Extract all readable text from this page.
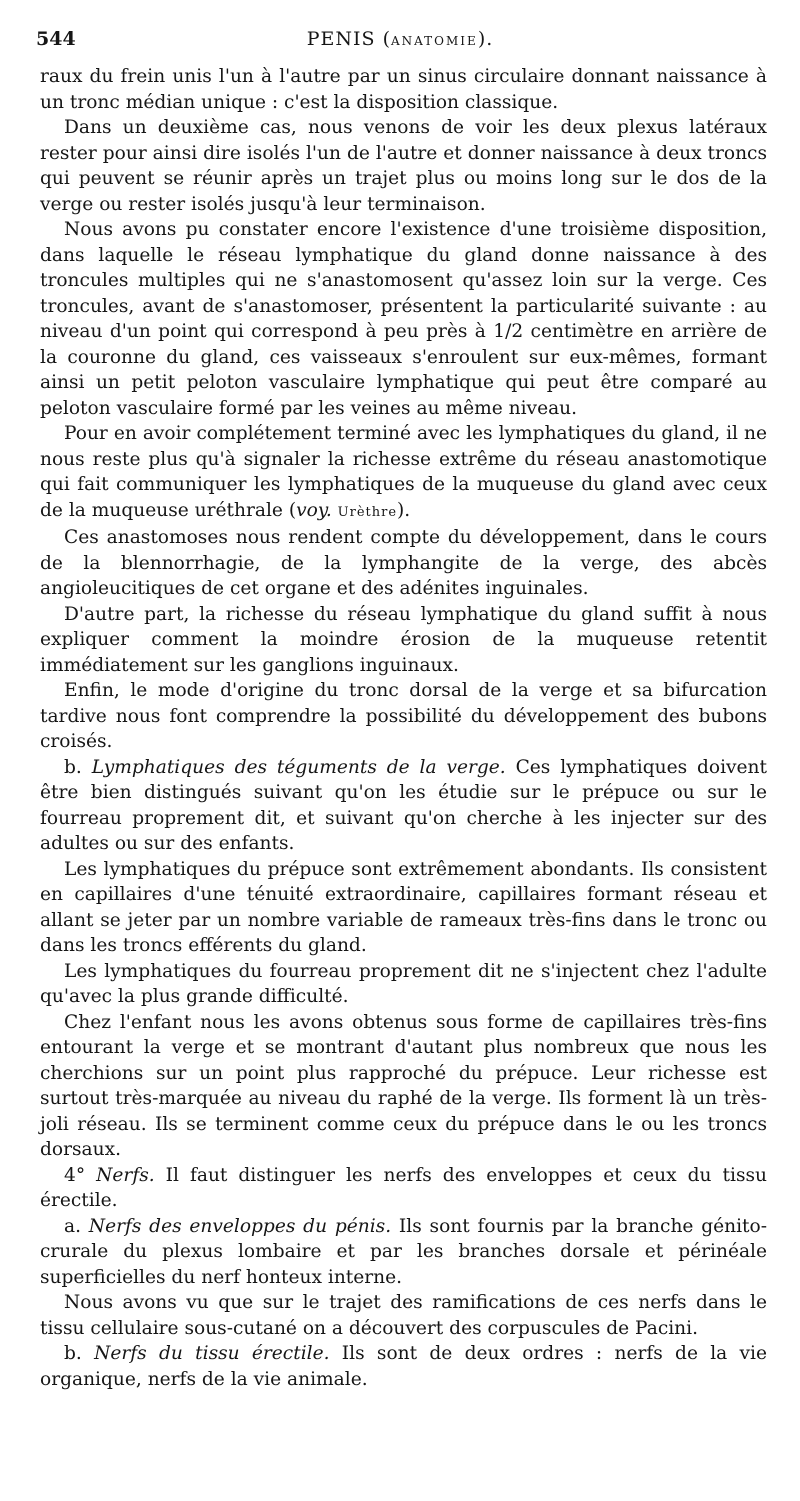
544	PENIS (ANATOMIE).

raux du frein unis l'un à l'autre par un sinus circulaire donnant naissance à un tronc médian unique : c'est la disposition classique.

Dans un deuxième cas, nous venons de voir les deux plexus latéraux rester pour ainsi dire isolés l'un de l'autre et donner naissance à deux troncs qui peuvent se réunir après un trajet plus ou moins long sur le dos de la verge ou rester isolés jusqu'à leur terminaison.

Nous avons pu constater encore l'existence d'une troisième disposition, dans laquelle le réseau lymphatique du gland donne naissance à des troncules multiples qui ne s'anastomosent qu'assez loin sur la verge. Ces troncules, avant de s'anastomoser, présentent la particularité suivante : au niveau d'un point qui correspond à peu près à 1/2 centimètre en arrière de la couronne du gland, ces vaisseaux s'enroulent sur eux-mêmes, formant ainsi un petit peloton vasculaire lymphatique qui peut être comparé au peloton vasculaire formé par les veines au même niveau.

Pour en avoir complétement terminé avec les lymphatiques du gland, il ne nous reste plus qu'à signaler la richesse extrême du réseau anastomotique qui fait communiquer les lymphatiques de la muqueuse du gland avec ceux de la muqueuse uréthrale (voy. Urèthre).

Ces anastomoses nous rendent compte du développement, dans le cours de la blennorrhagie, de la lymphangite de la verge, des abcès angioleucitiques de cet organe et des adénites inguinales.

D'autre part, la richesse du réseau lymphatique du gland suffit à nous expliquer comment la moindre érosion de la muqueuse retentit immédiatement sur les ganglions inguinaux.

Enfin, le mode d'origine du tronc dorsal de la verge et sa bifurcation tardive nous font comprendre la possibilité du développement des bubons croisés.

b. Lymphatiques des téguments de la verge. Ces lymphatiques doivent être bien distingués suivant qu'on les étudie sur le prépuce ou sur le fourreau proprement dit, et suivant qu'on cherche à les injecter sur des adultes ou sur des enfants.

Les lymphatiques du prépuce sont extrêmement abondants. Ils consistent en capillaires d'une ténuité extraordinaire, capillaires formant réseau et allant se jeter par un nombre variable de rameaux très-fins dans le tronc ou dans les troncs efférents du gland.

Les lymphatiques du fourreau proprement dit ne s'injectent chez l'adulte qu'avec la plus grande difficulté.

Chez l'enfant nous les avons obtenus sous forme de capillaires très-fins entourant la verge et se montrant d'autant plus nombreux que nous les cherchions sur un point plus rapproché du prépuce. Leur richesse est surtout très-marquée au niveau du raphé de la verge. Ils forment là un très-joli réseau. Ils se terminent comme ceux du prépuce dans le ou les troncs dorsaux.

4° Nerfs. Il faut distinguer les nerfs des enveloppes et ceux du tissu érectile.

a. Nerfs des enveloppes du pénis. Ils sont fournis par la branche génito-crurale du plexus lombaire et par les branches dorsale et périnéale superficielles du nerf honteux interne.

Nous avons vu que sur le trajet des ramifications de ces nerfs dans le tissu cellulaire sous-cutané on a découvert des corpuscules de Pacini.

b. Nerfs du tissu érectile. Ils sont de deux ordres : nerfs de la vie organique, nerfs de la vie animale.
